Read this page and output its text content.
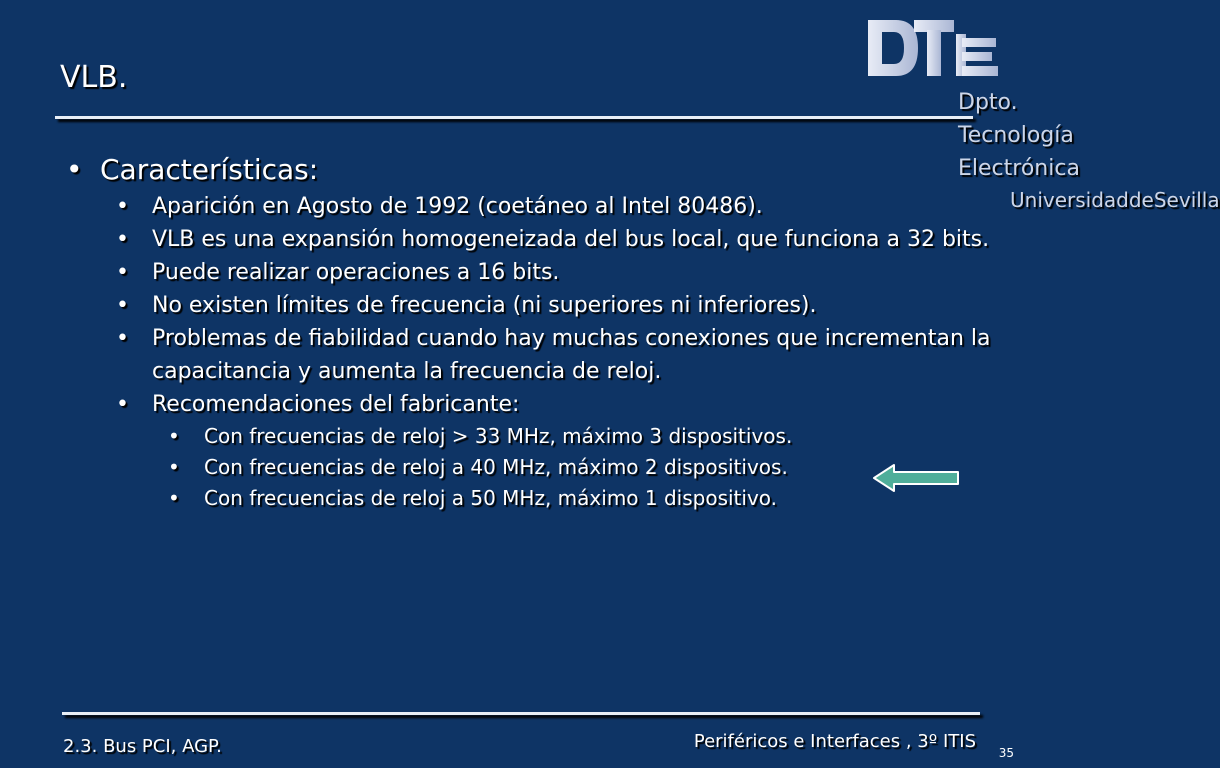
VLB.
Dpto. Tecnología Electrónica
Universidad de Sevilla
• Características:
• Aparición en Agosto de 1992 (coetáneo al Intel 80486).
• VLB es una expansión homogeneizada del bus local, que funciona a 32 bits.
• Puede realizar operaciones a 16 bits.
• No existen límites de frecuencia (ni superiores ni inferiores).
• Problemas de fiabilidad cuando hay muchas conexiones que incrementan la capacitancia y aumenta la frecuencia de reloj.
• Recomendaciones del fabricante:
• Con frecuencias de reloj > 33 MHz, máximo 3 dispositivos.
• Con frecuencias de reloj a 40 MHz, máximo 2 dispositivos.
• Con frecuencias de reloj a 50 MHz, máximo 1 dispositivo.
2.3. Bus PCI, AGP.	Periféricos e Interfaces , 3º ITIS
35
